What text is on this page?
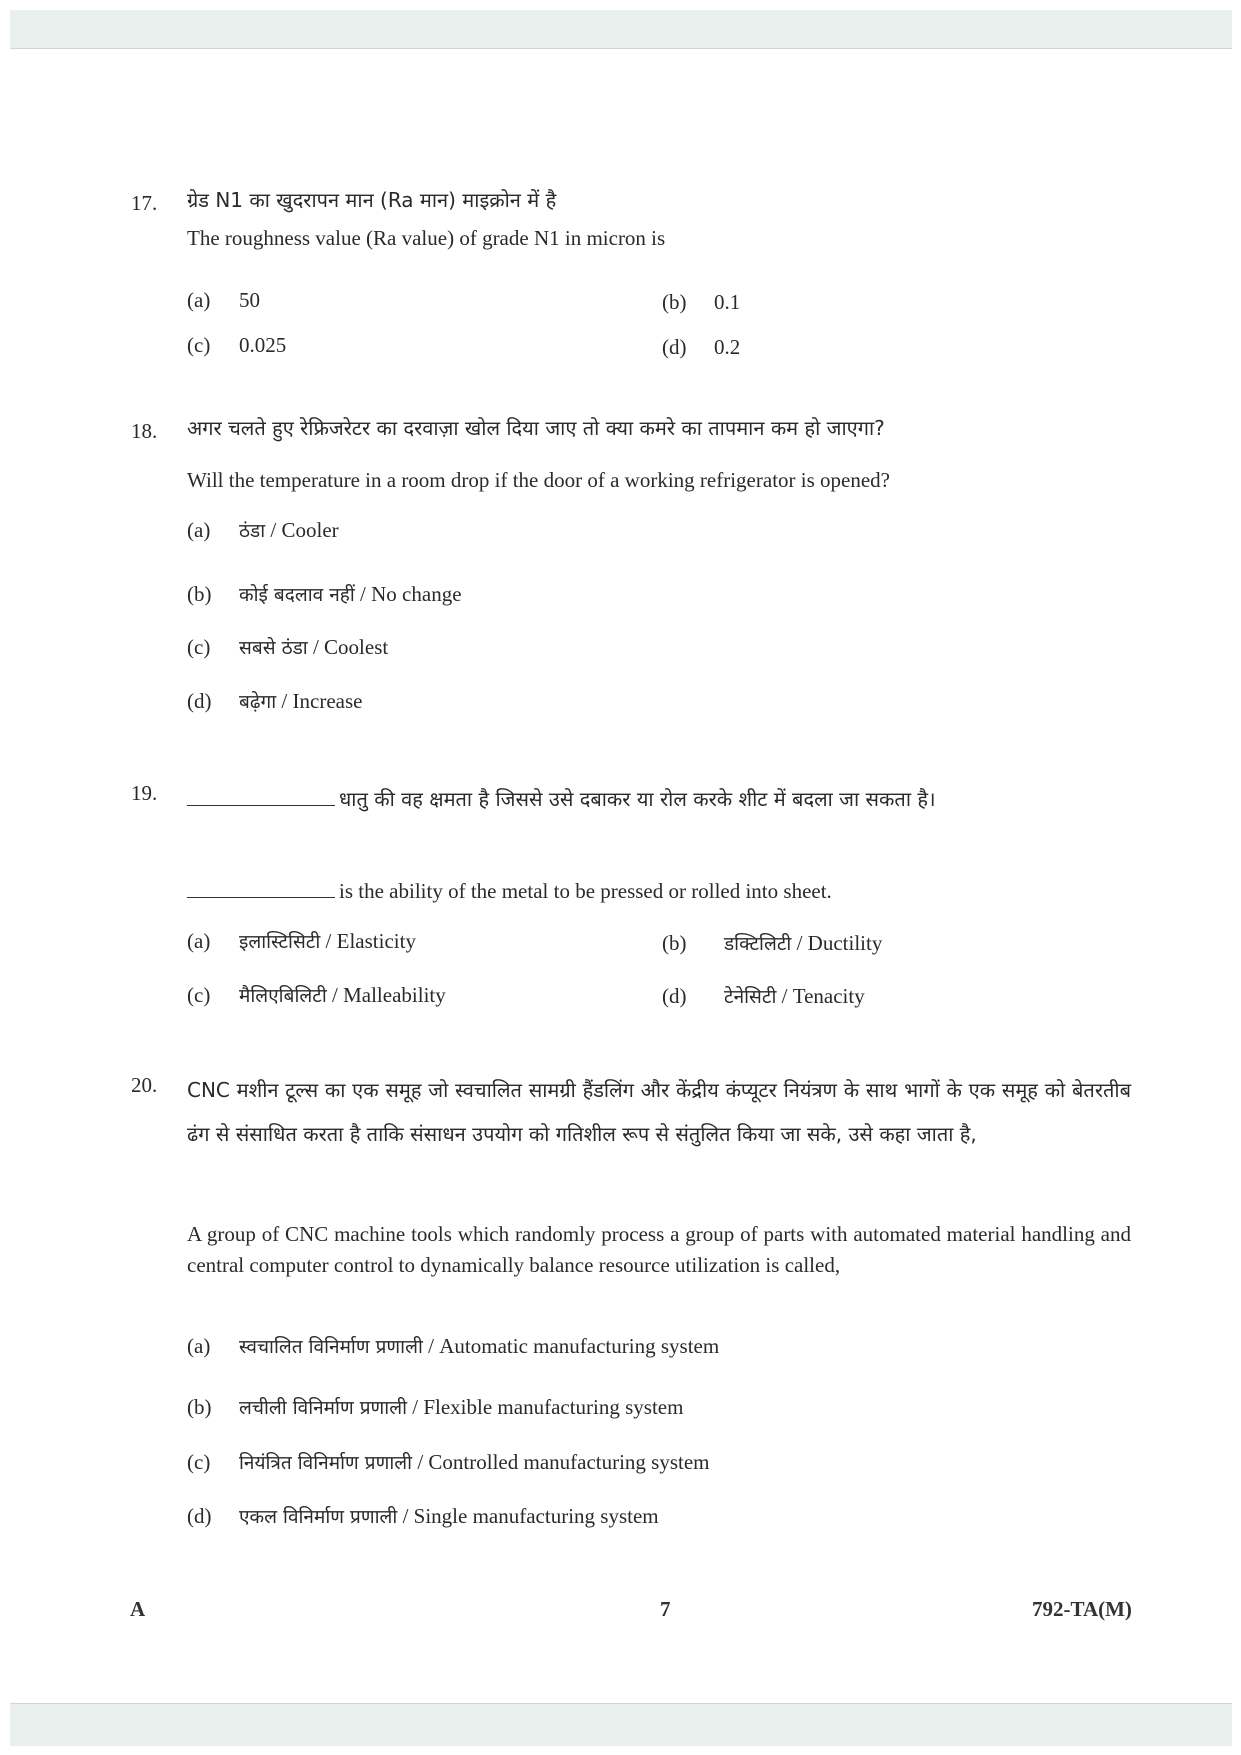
17.	ग्रेड N1 का खुदरापन मान (Ra मान) माइक्रोन में है
The roughness value (Ra value) of grade N1 in micron is
(a) 50	(b) 0.1
(c) 0.025	(d) 0.2
18.	अगर चलते हुए रेफ्रिजरेटर का दरवाज़ा खोल दिया जाए तो क्या कमरे का तापमान कम हो जाएगा?
Will the temperature in a room drop if the door of a working refrigerator is opened?
(a) ठंडा / Cooler
(b) कोई बदलाव नहीं / No change
(c) सबसे ठंडा / Coolest
(d) बढ़ेगा / Increase
19.	धातु की वह क्षमता है जिससे उसे दबाकर या रोल करके शीट में बदला जा सकता है।
is the ability of the metal to be pressed or rolled into sheet.
(a) इलास्टिसिटी / Elasticity	(b) डक्टिलिटी / Ductility
(c) मैलिएबिलिटी / Malleability	(d) टेनेसिटी / Tenacity
20.	CNC मशीन टूल्स का एक समूह जो स्वचालित सामग्री हैंडलिंग और केंद्रीय कंप्यूटर नियंत्रण के साथ भागों के एक समूह को बेतरतीब ढंग से संसाधित करता है ताकि संसाधन उपयोग को गतिशील रूप से संतुलित किया जा सके, उसे कहा जाता है,
A group of CNC machine tools which randomly process a group of parts with automated material handling and central computer control to dynamically balance resource utilization is called,
(a) स्वचालित विनिर्माण प्रणाली / Automatic manufacturing system
(b) लचीली विनिर्माण प्रणाली / Flexible manufacturing system
(c) नियंत्रित विनिर्माण प्रणाली / Controlled manufacturing system
(d) एकल विनिर्माण प्रणाली / Single manufacturing system
A	7	792-TA(M)
